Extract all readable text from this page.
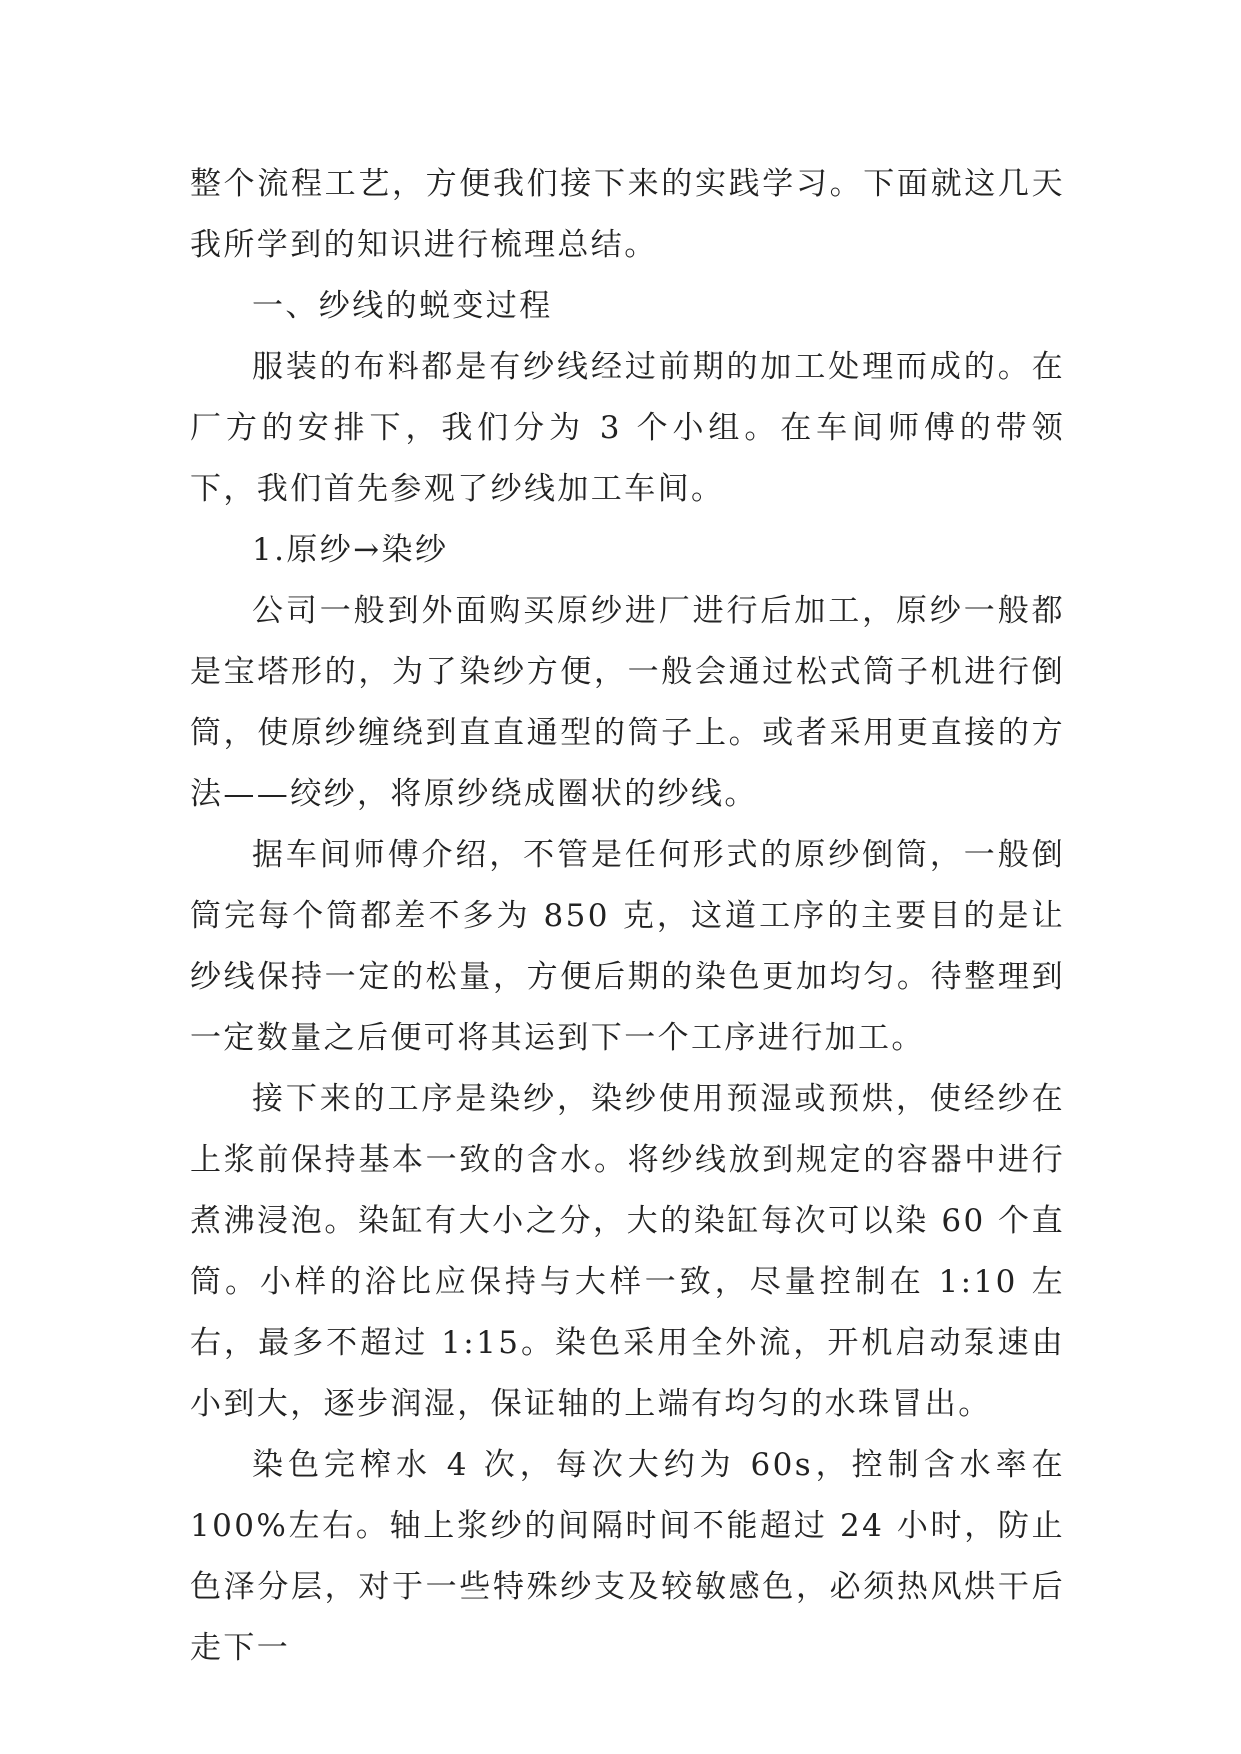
整个流程工艺，方便我们接下来的实践学习。下面就这几天我所学到的知识进行梳理总结。

一、纱线的蜕变过程

服装的布料都是有纱线经过前期的加工处理而成的。在厂方的安排下，我们分为 3 个小组。在车间师傅的带领下，我们首先参观了纱线加工车间。

1.原纱→染纱

公司一般到外面购买原纱进厂进行后加工，原纱一般都是宝塔形的，为了染纱方便，一般会通过松式筒子机进行倒筒，使原纱缠绕到直直通型的筒子上。或者采用更直接的方法——绞纱，将原纱绕成圈状的纱线。

据车间师傅介绍，不管是任何形式的原纱倒筒，一般倒筒完每个筒都差不多为 850 克，这道工序的主要目的是让纱线保持一定的松量，方便后期的染色更加均匀。待整理到一定数量之后便可将其运到下一个工序进行加工。

接下来的工序是染纱，染纱使用预湿或预烘，使经纱在上浆前保持基本一致的含水。将纱线放到规定的容器中进行煮沸浸泡。染缸有大小之分，大的染缸每次可以染 60 个直筒。小样的浴比应保持与大样一致，尽量控制在 1:10 左右，最多不超过 1:15。染色采用全外流，开机启动泵速由小到大，逐步润湿，保证轴的上端有均匀的水珠冒出。

染色完榨水 4 次，每次大约为 60s，控制含水率在 100%左右。轴上浆纱的间隔时间不能超过 24 小时，防止色泽分层，对于一些特殊纱支及较敏感色，必须热风烘干后走下一
